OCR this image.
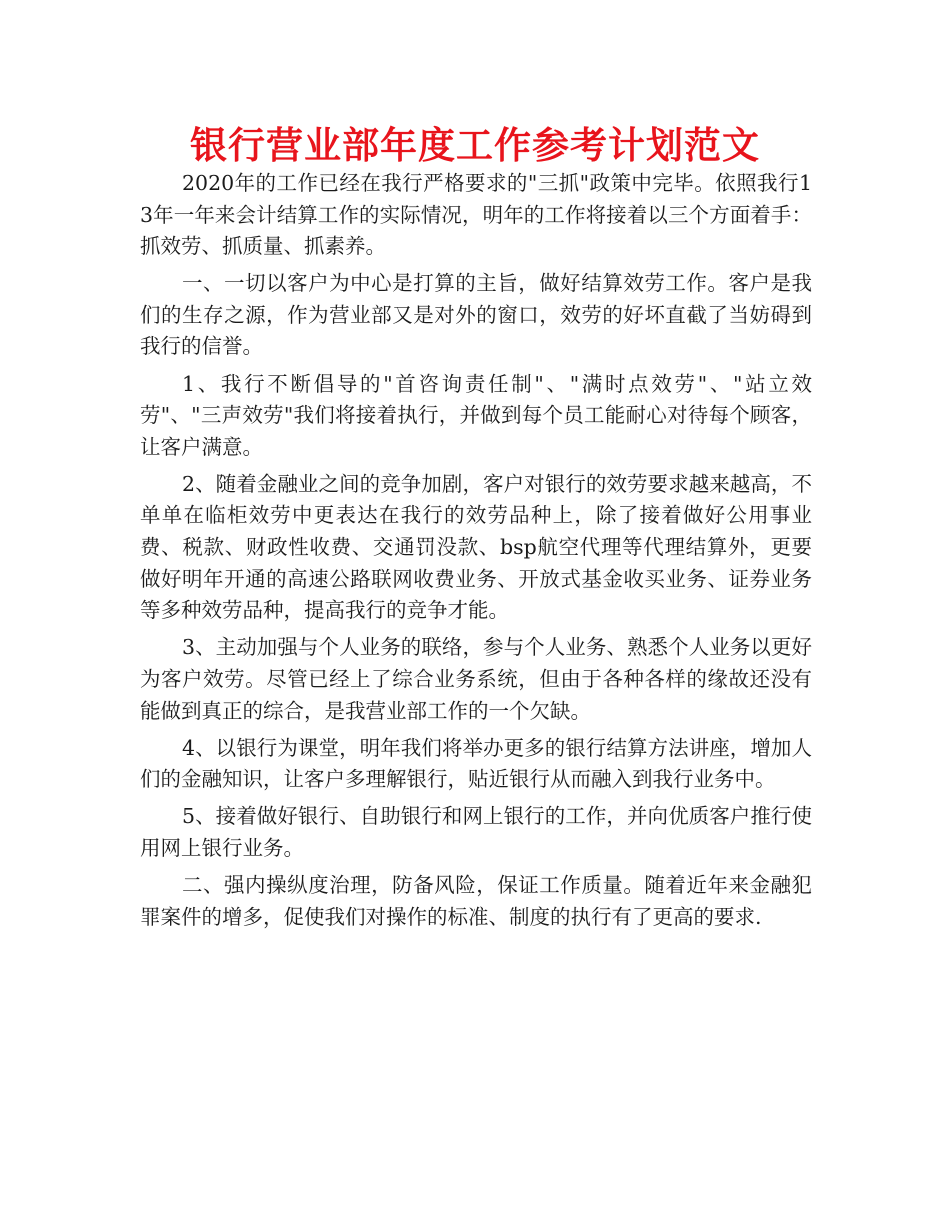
银行营业部年度工作参考计划范文

2020年的工作已经在我行严格要求的"三抓"政策中完毕。依照我行13年一年来会计结算工作的实际情况，明年的工作将接着以三个方面着手：抓效劳、抓质量、抓素养。

一、一切以客户为中心是打算的主旨，做好结算效劳工作。客户是我们的生存之源，作为营业部又是对外的窗口，效劳的好坏直截了当妨碍到我行的信誉。

1、我行不断倡导的"首咨询责任制"、"满时点效劳"、"站立效劳"、"三声效劳"我们将接着执行，并做到每个员工能耐心对待每个顾客，让客户满意。

2、随着金融业之间的竞争加剧，客户对银行的效劳要求越来越高，不单单在临柜效劳中更表达在我行的效劳品种上，除了接着做好公用事业费、税款、财政性收费、交通罚没款、bsp航空代理等代理结算外，更要做好明年开通的高速公路联网收费业务、开放式基金收买业务、证券业务等多种效劳品种，提高我行的竞争才能。

3、主动加强与个人业务的联络，参与个人业务、熟悉个人业务以更好为客户效劳。尽管已经上了综合业务系统，但由于各种各样的缘故还没有能做到真正的综合，是我营业部工作的一个欠缺。

4、以银行为课堂，明年我们将举办更多的银行结算方法讲座，增加人们的金融知识，让客户多理解银行，贴近银行从而融入到我行业务中。

5、接着做好银行、自助银行和网上银行的工作，并向优质客户推行使用网上银行业务。

二、强内操纵度治理，防备风险，保证工作质量。随着近年来金融犯罪案件的增多，促使我们对操作的标准、制度的执行有了更高的要求.
